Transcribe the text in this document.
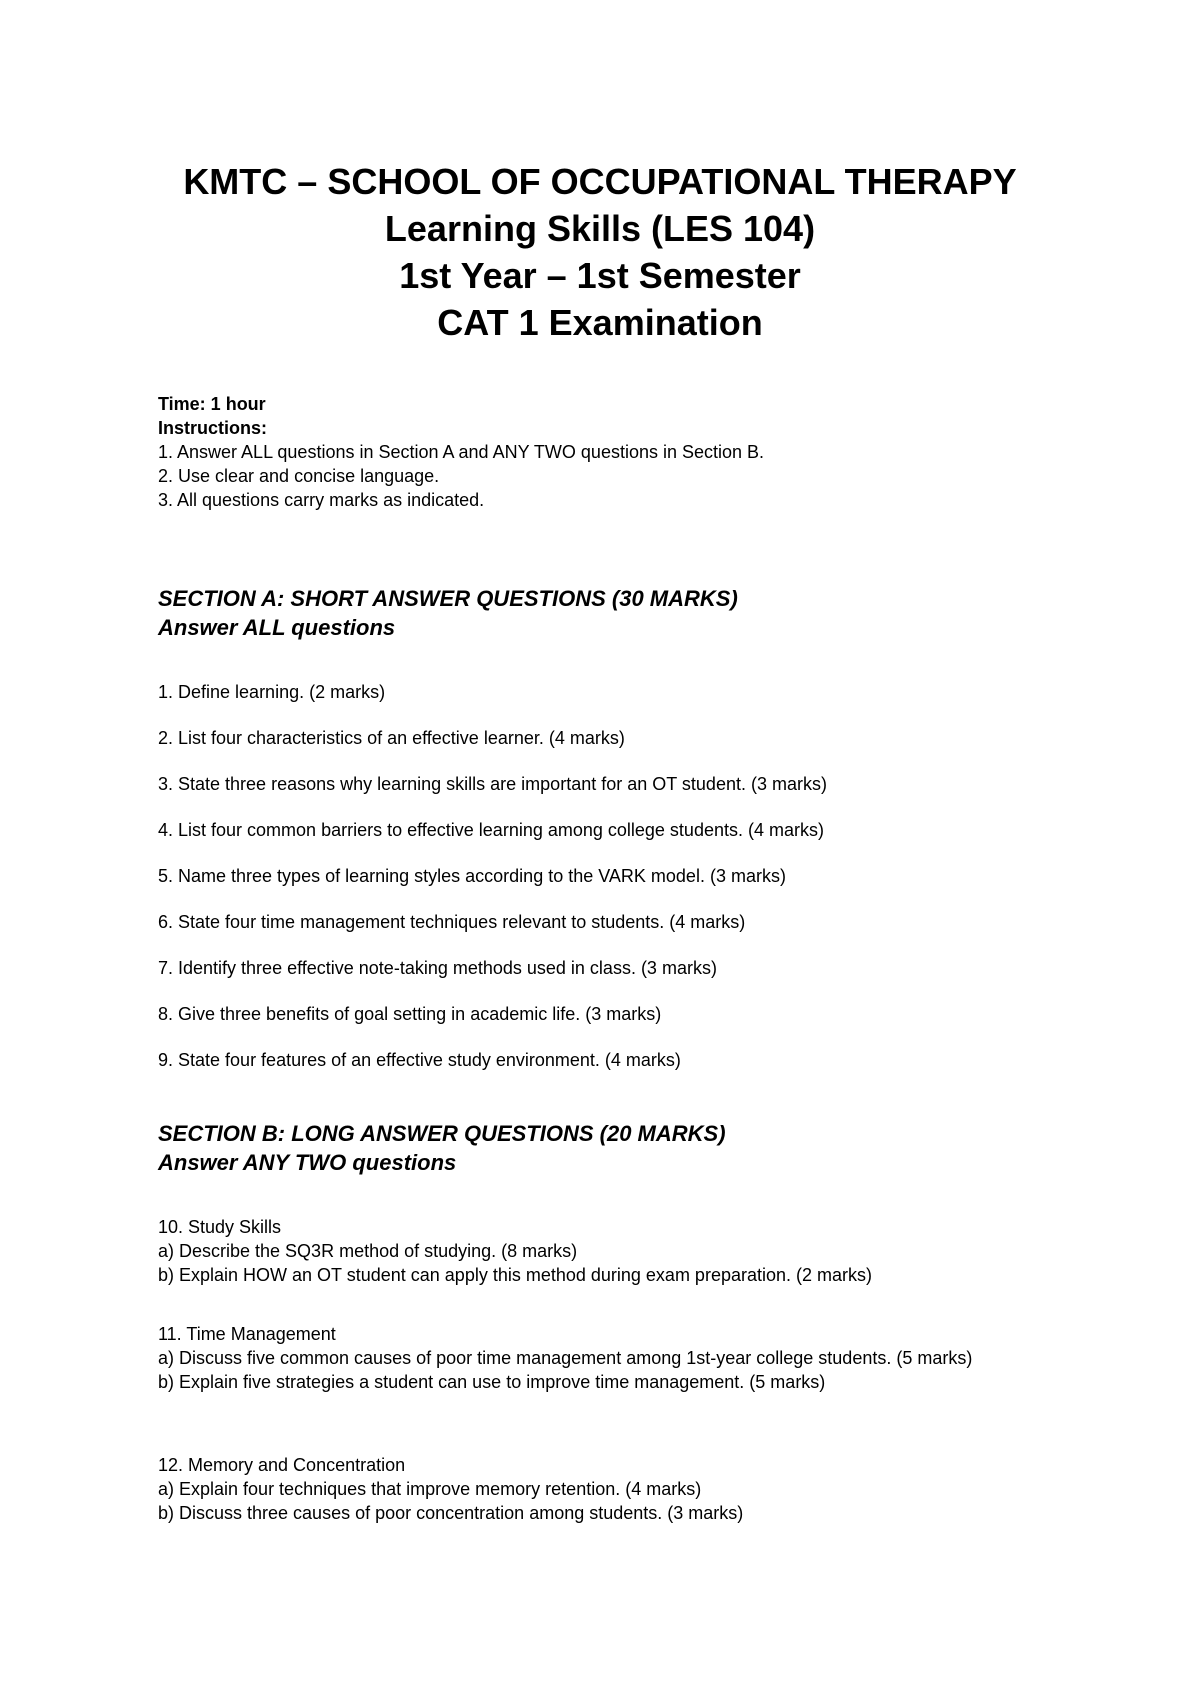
KMTC – SCHOOL OF OCCUPATIONAL THERAPY
Learning Skills (LES 104)
1st Year – 1st Semester
CAT 1 Examination
Time: 1 hour
Instructions:
1. Answer ALL questions in Section A and ANY TWO questions in Section B.
2. Use clear and concise language.
3. All questions carry marks as indicated.
SECTION A: SHORT ANSWER QUESTIONS (30 MARKS)
Answer ALL questions
1. Define learning. (2 marks)
2. List four characteristics of an effective learner. (4 marks)
3. State three reasons why learning skills are important for an OT student. (3 marks)
4. List four common barriers to effective learning among college students. (4 marks)
5. Name three types of learning styles according to the VARK model. (3 marks)
6. State four time management techniques relevant to students. (4 marks)
7. Identify three effective note-taking methods used in class. (3 marks)
8. Give three benefits of goal setting in academic life. (3 marks)
9. State four features of an effective study environment. (4 marks)
SECTION B: LONG ANSWER QUESTIONS (20 MARKS)
Answer ANY TWO questions
10. Study Skills
a) Describe the SQ3R method of studying. (8 marks)
b) Explain HOW an OT student can apply this method during exam preparation. (2 marks)
11. Time Management
a) Discuss five common causes of poor time management among 1st-year college students. (5 marks)
b) Explain five strategies a student can use to improve time management. (5 marks)
12. Memory and Concentration
a) Explain four techniques that improve memory retention. (4 marks)
b) Discuss three causes of poor concentration among students. (3 marks)
